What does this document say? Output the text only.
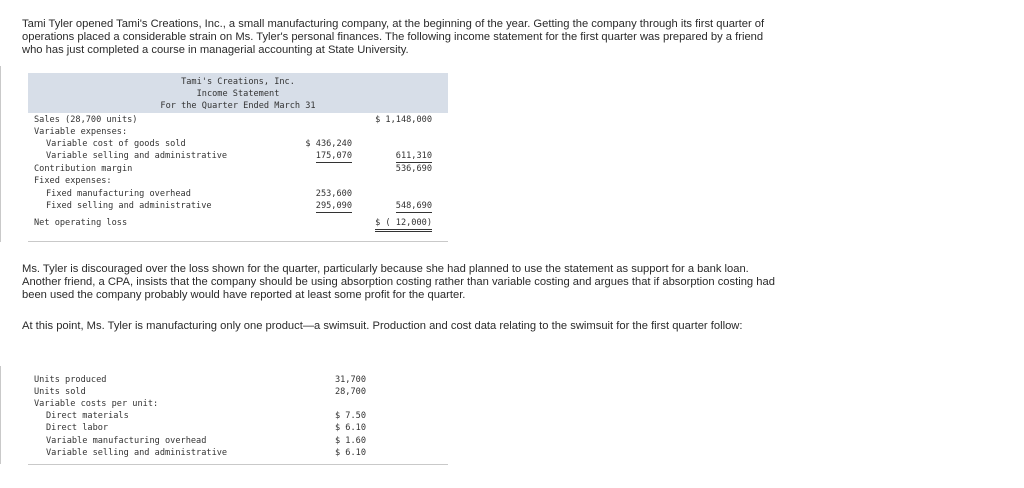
Tami Tyler opened Tami's Creations, Inc., a small manufacturing company, at the beginning of the year. Getting the company through its first quarter of operations placed a considerable strain on Ms. Tyler's personal finances. The following income statement for the first quarter was prepared by a friend who has just completed a course in managerial accounting at State University.
Tami's Creations, Inc.
Income Statement
For the Quarter Ended March 31
Sales (28,700 units)	$ 1,148,000
Variable expenses:
Variable cost of goods sold	$ 436,240
Variable selling and administrative	175,070	611,310
Contribution margin	536,690
Fixed expenses:
Fixed manufacturing overhead	253,600
Fixed selling and administrative	295,090	548,690
Net operating loss	$ ( 12,000)
Ms. Tyler is discouraged over the loss shown for the quarter, particularly because she had planned to use the statement as support for a bank loan. Another friend, a CPA, insists that the company should be using absorption costing rather than variable costing and argues that if absorption costing had been used the company probably would have reported at least some profit for the quarter.
At this point, Ms. Tyler is manufacturing only one product—a swimsuit. Production and cost data relating to the swimsuit for the first quarter follow:
Units produced	31,700
Units sold	28,700
Variable costs per unit:
Direct materials	$ 7.50
Direct labor	$ 6.10
Variable manufacturing overhead	$ 1.60
Variable selling and administrative	$ 6.10
